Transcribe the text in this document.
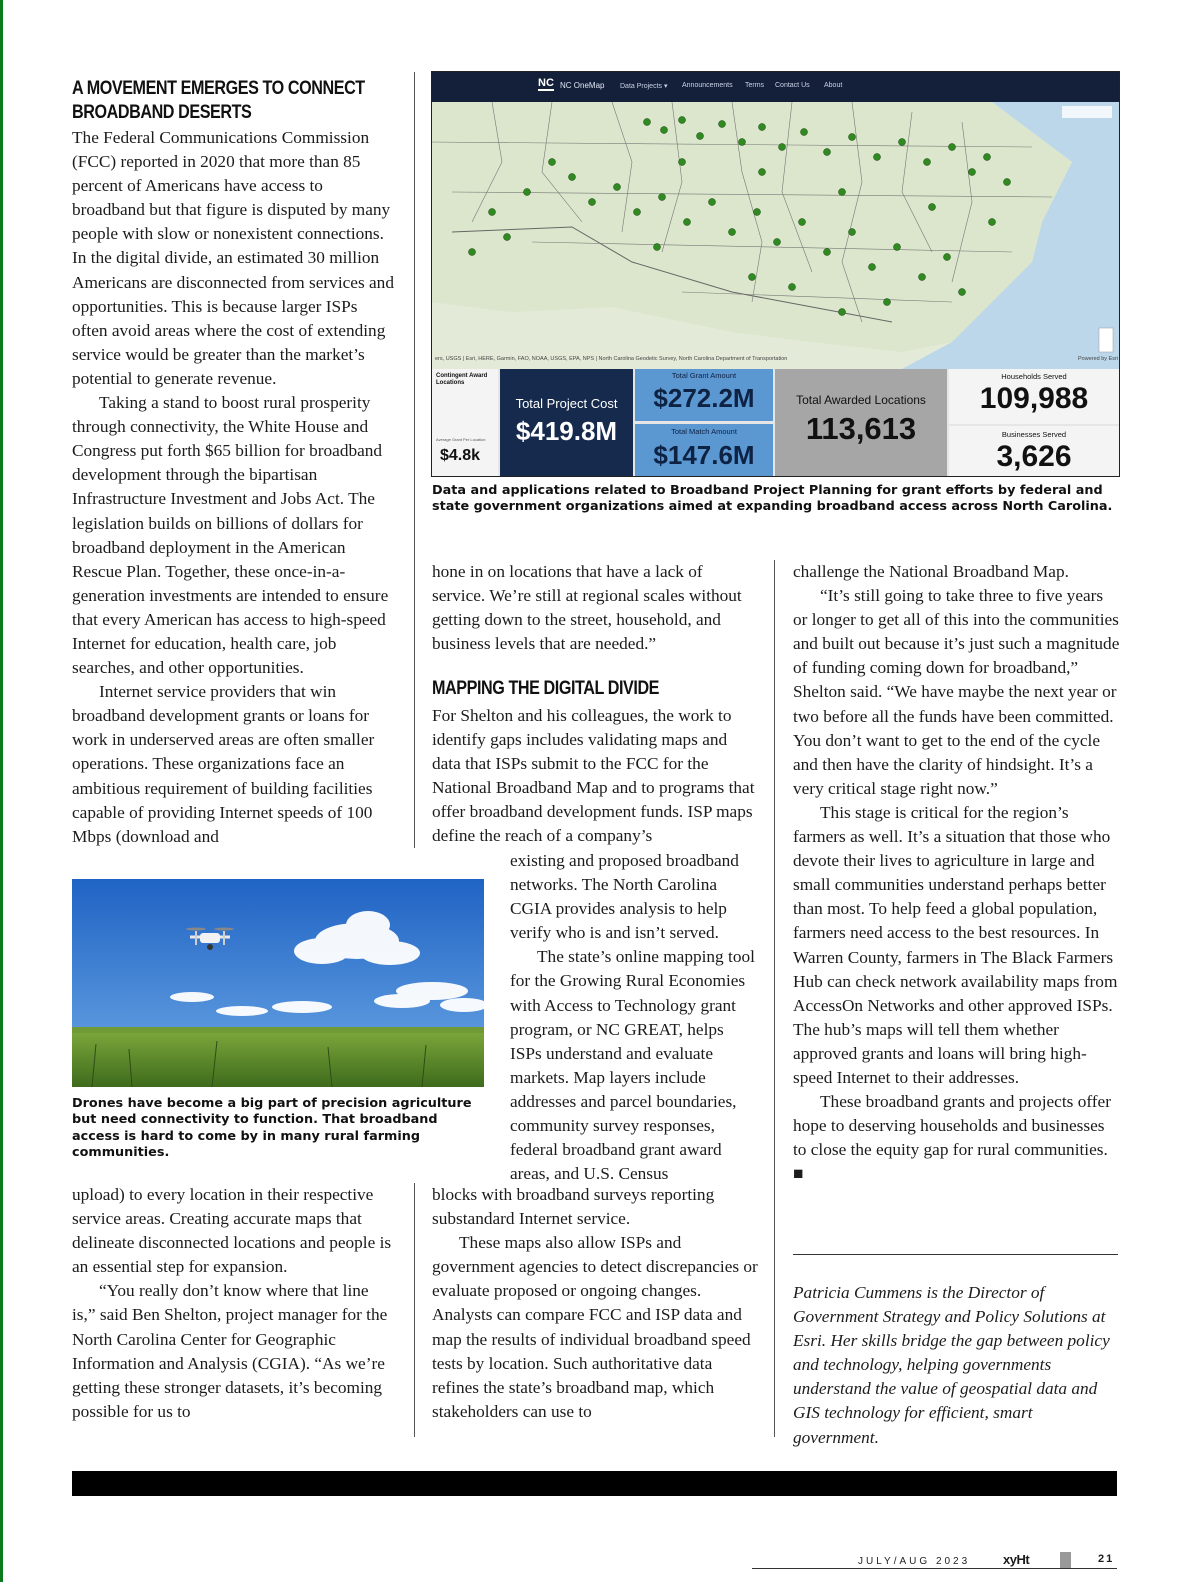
A MOVEMENT EMERGES TO CONNECT
BROADBAND DESERTS

The Federal Communications Commission (FCC) reported in 2020 that more than 85 percent of Americans have access to broadband but that figure is disputed by many people with slow or nonexistent connections. In the digital divide, an estimated 30 million Americans are disconnected from services and opportunities. This is because larger ISPs often avoid areas where the cost of extending service would be greater than the market’s potential to generate revenue.

Taking a stand to boost rural prosperity through connectivity, the White House and Congress put forth $65 billion for broadband development through the bipartisan Infrastructure Investment and Jobs Act. The legislation builds on billions of dollars for broadband deployment in the American Rescue Plan. Together, these once-in-a-generation investments are intended to ensure that every American has access to high-speed Internet for education, health care, job searches, and other opportunities.

Internet service providers that win broadband development grants or loans for work in underserved areas are often smaller operations. These organizations face an ambitious requirement of building facilities capable of providing Internet speeds of 100 Mbps (download and

Drones have become a big part of precision agriculture but need connectivity to function. That broadband access is hard to come by in many rural farming communities.

upload) to every location in their respective service areas. Creating accurate maps that delineate disconnected locations and people is an essential step for expansion.

“You really don’t know where that line is,” said Ben Shelton, project manager for the North Carolina Center for Geographic Information and Analysis (CGIA). “As we’re getting these stronger datasets, it’s becoming possible for us to

NC NC OneMap Data Projects ▾ Announcements Terms Contact Us About
ers, USGS | Esri, HERE, Garmin, FAO, NOAA, USGS, EPA, NPS | North Carolina Geodetic Survey, North Carolina Department of Transportation	Powered by Esri
Contingent Award Locations
Average Grant Per Location
$4.8k
Total Project Cost
$419.8M
Total Grant Amount
$272.2M
Total Match Amount
$147.6M
Total Awarded Locations
113,613
Households Served
109,988
Businesses Served
3,626
Data and applications related to Broadband Project Planning for grant efforts by federal and state government organizations aimed at expanding broadband access across North Carolina.

hone in on locations that have a lack of service. We’re still at regional scales without getting down to the street, household, and business levels that are needed.”

MAPPING THE DIGITAL DIVIDE

For Shelton and his colleagues, the work to identify gaps includes validating maps and data that ISPs submit to the FCC for the National Broadband Map and to programs that offer broadband development funds. ISP maps define the reach of a company’s

existing and proposed broadband networks. The North Carolina CGIA provides analysis to help verify who is and isn’t served.

The state’s online mapping tool for the Growing Rural Economies with Access to Technology grant program, or NC GREAT, helps ISPs understand and evaluate markets. Map layers include addresses and parcel boundaries, community survey responses, federal broadband grant award areas, and U.S. Census

blocks with broadband surveys reporting substandard Internet service.

These maps also allow ISPs and government agencies to detect discrepancies or evaluate proposed or ongoing changes. Analysts can compare FCC and ISP data and map the results of individual broadband speed tests by location. Such authoritative data refines the state’s broadband map, which stakeholders can use to

challenge the National Broadband Map.

“It’s still going to take three to five years or longer to get all of this into the communities and built out because it’s just such a magnitude of funding coming down for broadband,” Shelton said. “We have maybe the next year or two before all the funds have been committed. You don’t want to get to the end of the cycle and then have the clarity of hindsight. It’s a very critical stage right now.”

This stage is critical for the region’s farmers as well. It’s a situation that those who devote their lives to agriculture in large and small communities understand perhaps better than most. To help feed a global population, farmers need access to the best resources. In Warren County, farmers in The Black Farmers Hub can check network availability maps from AccessOn Networks and other approved ISPs. The hub’s maps will tell them whether approved grants and loans will bring high-speed Internet to their addresses.

These broadband grants and projects offer hope to deserving households and businesses to close the equity gap for rural communities. ■

Patricia Cummens is the Director of Government Strategy and Policy Solutions at Esri. Her skills bridge the gap between policy and technology, helping governments understand the value of geospatial data and GIS technology for efficient, smart government.
JULY/AUG 2023	xyHt	21
